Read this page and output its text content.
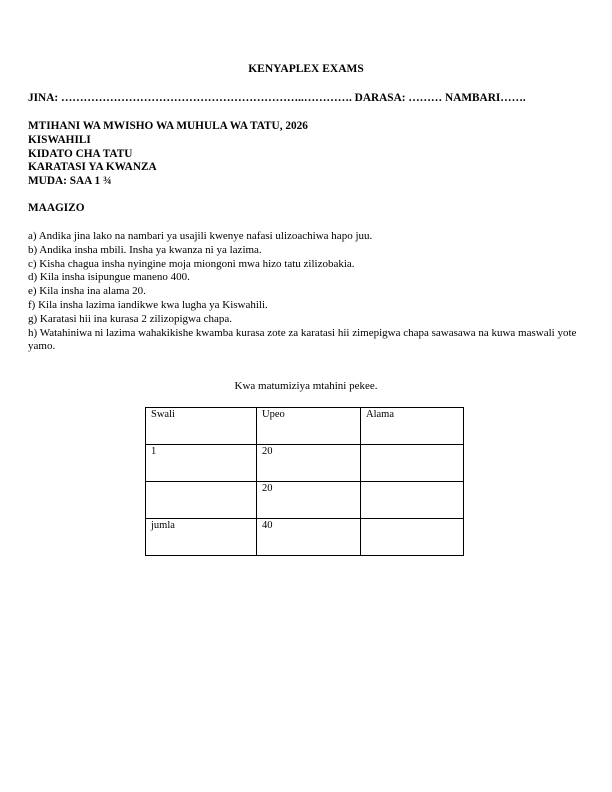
KENYAPLEX EXAMS
JINA: ………………………………………………………..…………. DARASA: ……… NAMBARI…….
MTIHANI WA MWISHO WA MUHULA WA TATU, 2026
KISWAHILI
KIDATO CHA TATU
KARATASI YA KWANZA
MUDA: SAA 1 ¾
MAAGIZO
a) Andika jina lako na nambari ya usajili kwenye nafasi ulizoachiwa hapo juu.
b) Andika insha mbili. Insha ya kwanza ni ya lazima.
c) Kisha chagua insha nyingine moja miongoni mwa hizo tatu zilizobakia.
d) Kila insha isipungue maneno 400.
e) Kila insha ina alama 20.
f) Kila insha lazima iandikwe kwa lugha ya Kiswahili.
g) Karatasi hii ina kurasa 2 zilizopigwa chapa.
h) Watahiniwa ni lazima wahakikishe kwamba kurasa zote za karatasi hii zimepigwa chapa sawasawa na kuwa maswali yote yamo.
Kwa matumiziya mtahini pekee.
Swali	Upeo	Alama
1	20	
	20	
jumla	40	
